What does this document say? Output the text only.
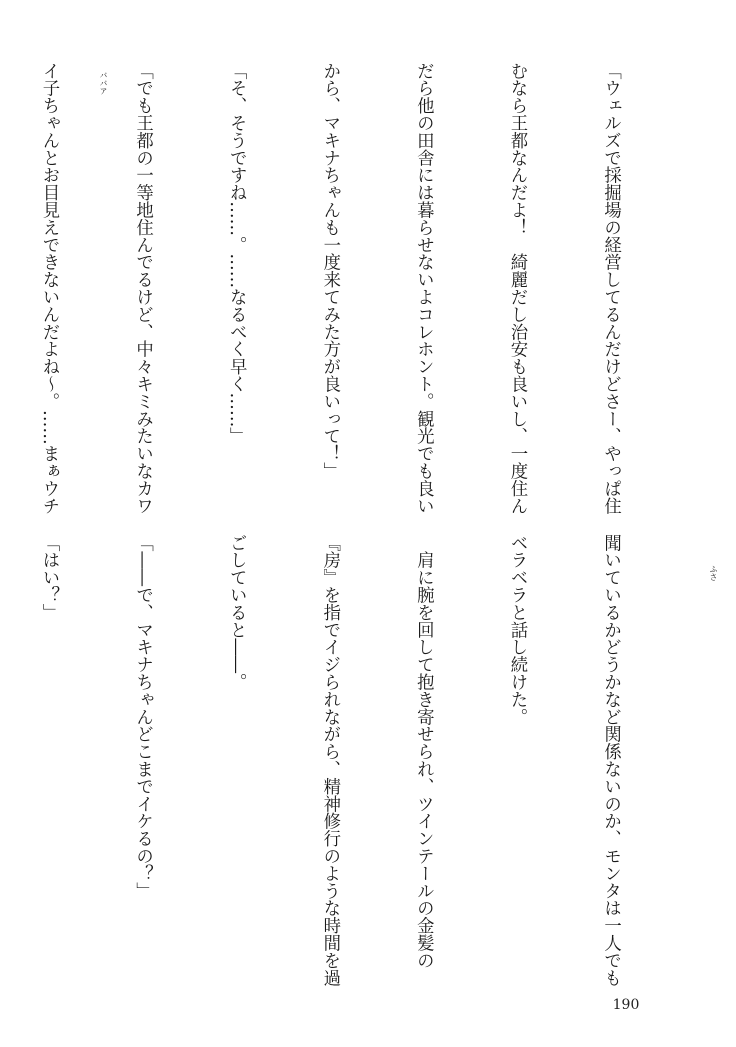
「ウェルズで採掘場の経営してるんだけどさー、やっぱ住

むなら王都なんだよ！　綺麗だし治安も良いし、一度住ん

だら他の田舎には暮らせないよコレホント。観光でも良い

から、マキナちゃんも一度来てみた方が良いって！」

「そ、そうですね……。……なるべく早く……」

「でも王都の一等地住んでるけど、中々キミみたいなカワ

イ子ちゃんとお目見えできないんだよね～。……まぁウチ

聞いているかどうかなど関係ないのか、モンタは一人でも

ベラベラと話し続けた。

　肩に腕を回して抱き寄せられ、ツインテールの金髪の

『房』を指でイジられながら、精神修行のような時間を過

ごしていると――。

「――で、マキナちゃんどこまでイケるの？」

「はい？」

ババア
ふさ
190
